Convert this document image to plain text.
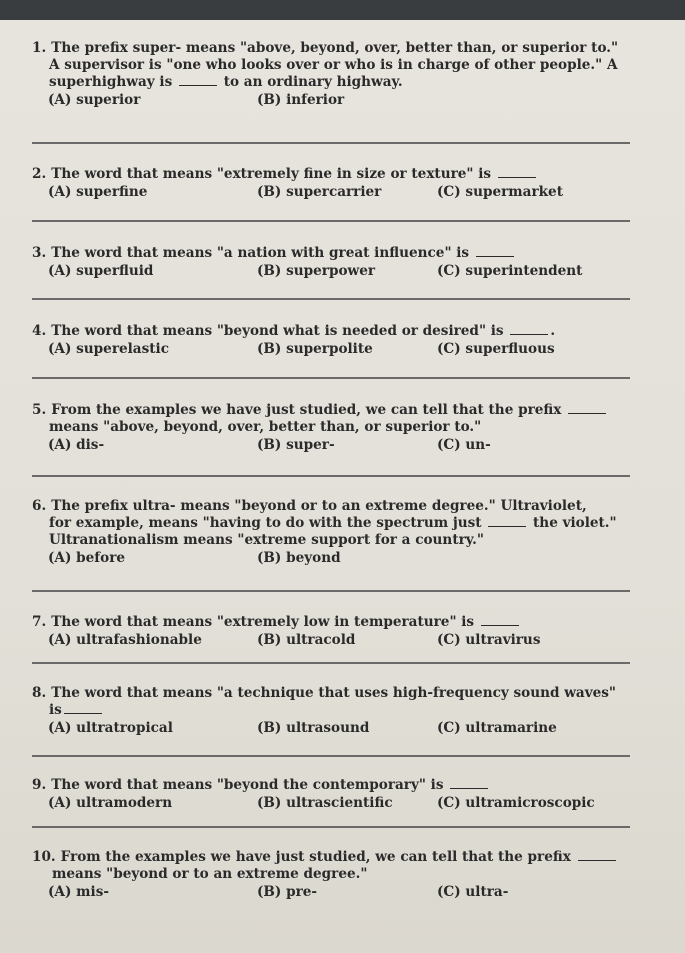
1. The prefix super- means "above, beyond, over, better than, or superior to."

A supervisor is "one who looks over or who is in charge of other people." A

superhighway is	to an ordinary highway.

(A) superior	(B) inferior

2. The word that means "extremely fine in size or texture" is

(A) superfine	(B) supercarrier	(C) supermarket

3. The word that means "a nation with great influence" is

(A) superfluid	(B) superpower	(C) superintendent

4. The word that means "beyond what is needed or desired" is	.

(A) superelastic	(B) superpolite	(C) superfluous

5. From the examples we have just studied, we can tell that the prefix

means "above, beyond, over, better than, or superior to."

(A) dis-	(B) super-	(C) un-

6. The prefix ultra- means "beyond or to an extreme degree." Ultraviolet,

for example, means "having to do with the spectrum just	the violet."

Ultranationalism means "extreme support for a country."

(A) before	(B) beyond

7. The word that means "extremely low in temperature" is

(A) ultrafashionable	(B) ultracold	(C) ultravirus

8. The word that means "a technique that uses high-frequency sound waves"

is

(A) ultratropical	(B) ultrasound	(C) ultramarine

9. The word that means "beyond the contemporary" is

(A) ultramodern	(B) ultrascientific	(C) ultramicroscopic

10. From the examples we have just studied, we can tell that the prefix

means "beyond or to an extreme degree."

(A) mis-	(B) pre-	(C) ultra-
